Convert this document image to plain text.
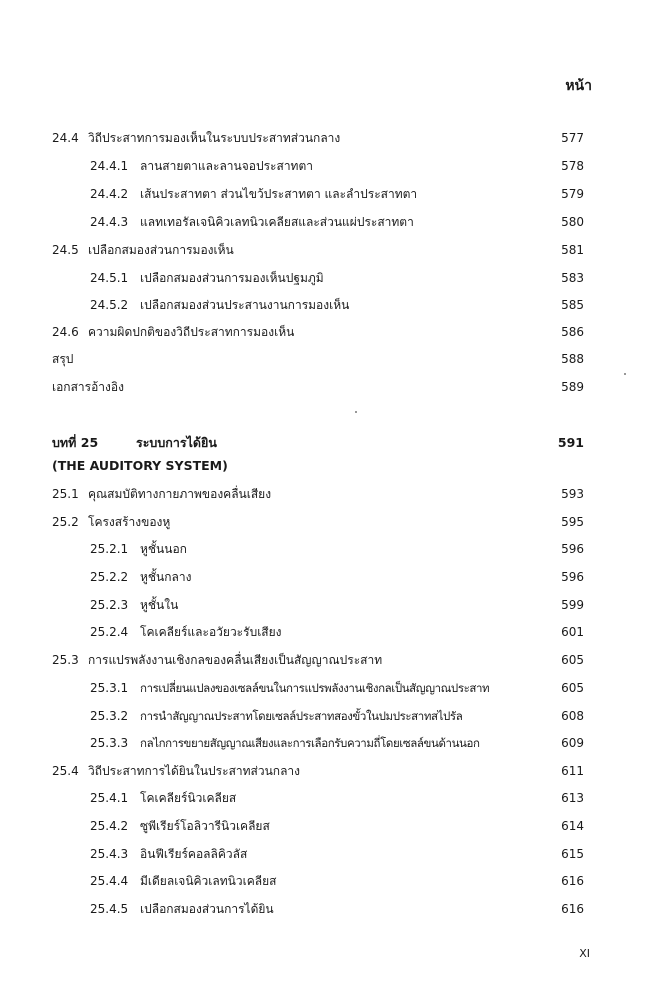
หน้า
24.4 วิถีประสาทการมองเห็นในระบบประสาทส่วนกลาง	577
24.4.1 ลานสายตาและลานจอประสาทตา	578
24.4.2 เส้นประสาทตา ส่วนไขว้ประสาทตา และลำประสาทตา	579
24.4.3 แลทเทอรัลเจนิคิวเลทนิวเคลียสและส่วนแผ่ประสาทตา	580
24.5 เปลือกสมองส่วนการมองเห็น	581
24.5.1 เปลือกสมองส่วนการมองเห็นปฐมภูมิ	583
24.5.2 เปลือกสมองส่วนประสานงานการมองเห็น	585
24.6 ความผิดปกติของวิถีประสาทการมองเห็น	586
สรุป	588
เอกสารอ้างอิง	589
บทที่ 25	ระบบการได้ยิน	591
(THE AUDITORY SYSTEM)
25.1 คุณสมบัติทางกายภาพของคลื่นเสียง	593
25.2 โครงสร้างของหู	595
25.2.1 หูชั้นนอก	596
25.2.2 หูชั้นกลาง	596
25.2.3 หูชั้นใน	599
25.2.4 โคเคลียร์และอวัยวะรับเสียง	601
25.3 การแปรพลังงานเชิงกลของคลื่นเสียงเป็นสัญญาณประสาท	605
25.3.1	การเปลี่ยนแปลงของเซลล์ขนในการแปรพลังงานเชิงกลเป็นสัญญาณประสาท	605
25.3.2	การนำสัญญาณประสาทโดยเซลล์ประสาทสองขั้วในปมประสาทสไปรัล	608
25.3.3	กลไกการขยายสัญญาณเสียงและการเลือกรับความถี่โดยเซลล์ขนด้านนอก	609
25.4 วิถีประสาทการได้ยินในประสาทส่วนกลาง	611
25.4.1 โคเคลียร์นิวเคลียส	613
25.4.2 ซูพีเรียร์โอลิวารีนิวเคลียส	614
25.4.3 อินฟีเรียร์คอลลิคิวลัส	615
25.4.4 มีเดียลเจนิคิวเลทนิวเคลียส	616
25.4.5 เปลือกสมองส่วนการได้ยิน	616
XI
